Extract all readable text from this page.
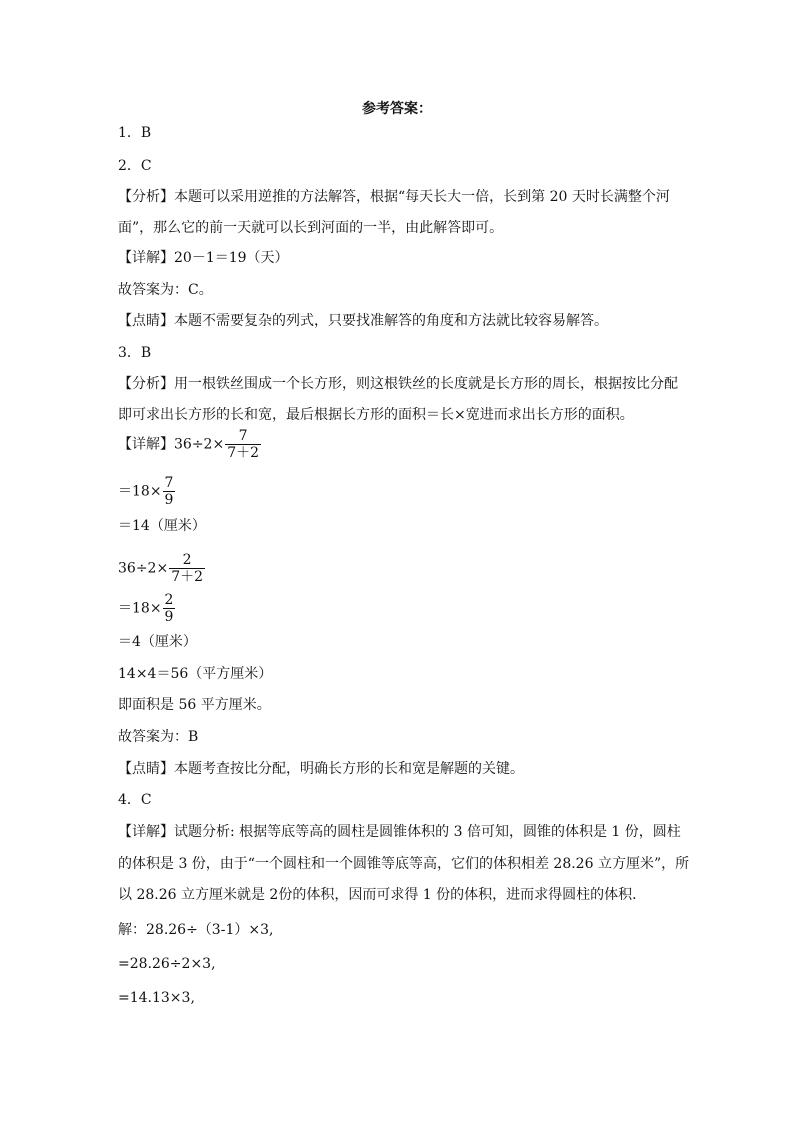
参考答案：
1．B
2．C
【分析】本题可以采用逆推的方法解答，根据“每天长大一倍，长到第 20 天时长满整个河
面”，那么它的前一天就可以长到河面的一半，由此解答即可。
【详解】20－1＝19（天）
故答案为：C。
【点睛】本题不需要复杂的列式，只要找准解答的角度和方法就比较容易解答。
3．B
【分析】用一根铁丝围成一个长方形，则这根铁丝的长度就是长方形的周长，根据按比分配
即可求出长方形的长和宽，最后根据长方形的面积＝长×宽进而求出长方形的面积。
【详解】$36\div 2\times \frac{7}{7+2}$
$=18\times \frac{7}{9}$
＝14（厘米）
$36\div 2\times \frac{2}{7+2}$
$=18\times \frac{2}{9}$
＝4（厘米）
14×4＝56（平方厘米）
即面积是 56 平方厘米。
故答案为：B
【点睛】本题考查按比分配，明确长方形的长和宽是解题的关键。
4．C
【详解】试题分析: 根据等底等高的圆柱是圆锥体积的 3 倍可知，圆锥的体积是 1 份，圆柱
的体积是 3 份，由于“一个圆柱和一个圆锥等底等高，它们的体积相差 28.26 立方厘米”，所
以 28.26 立方厘米就是 2份的体积，因而可求得 1 份的体积，进而求得圆柱的体积．
解：28.26÷（3-1）×3,
=28.26÷2×3,
=14.13×3,
